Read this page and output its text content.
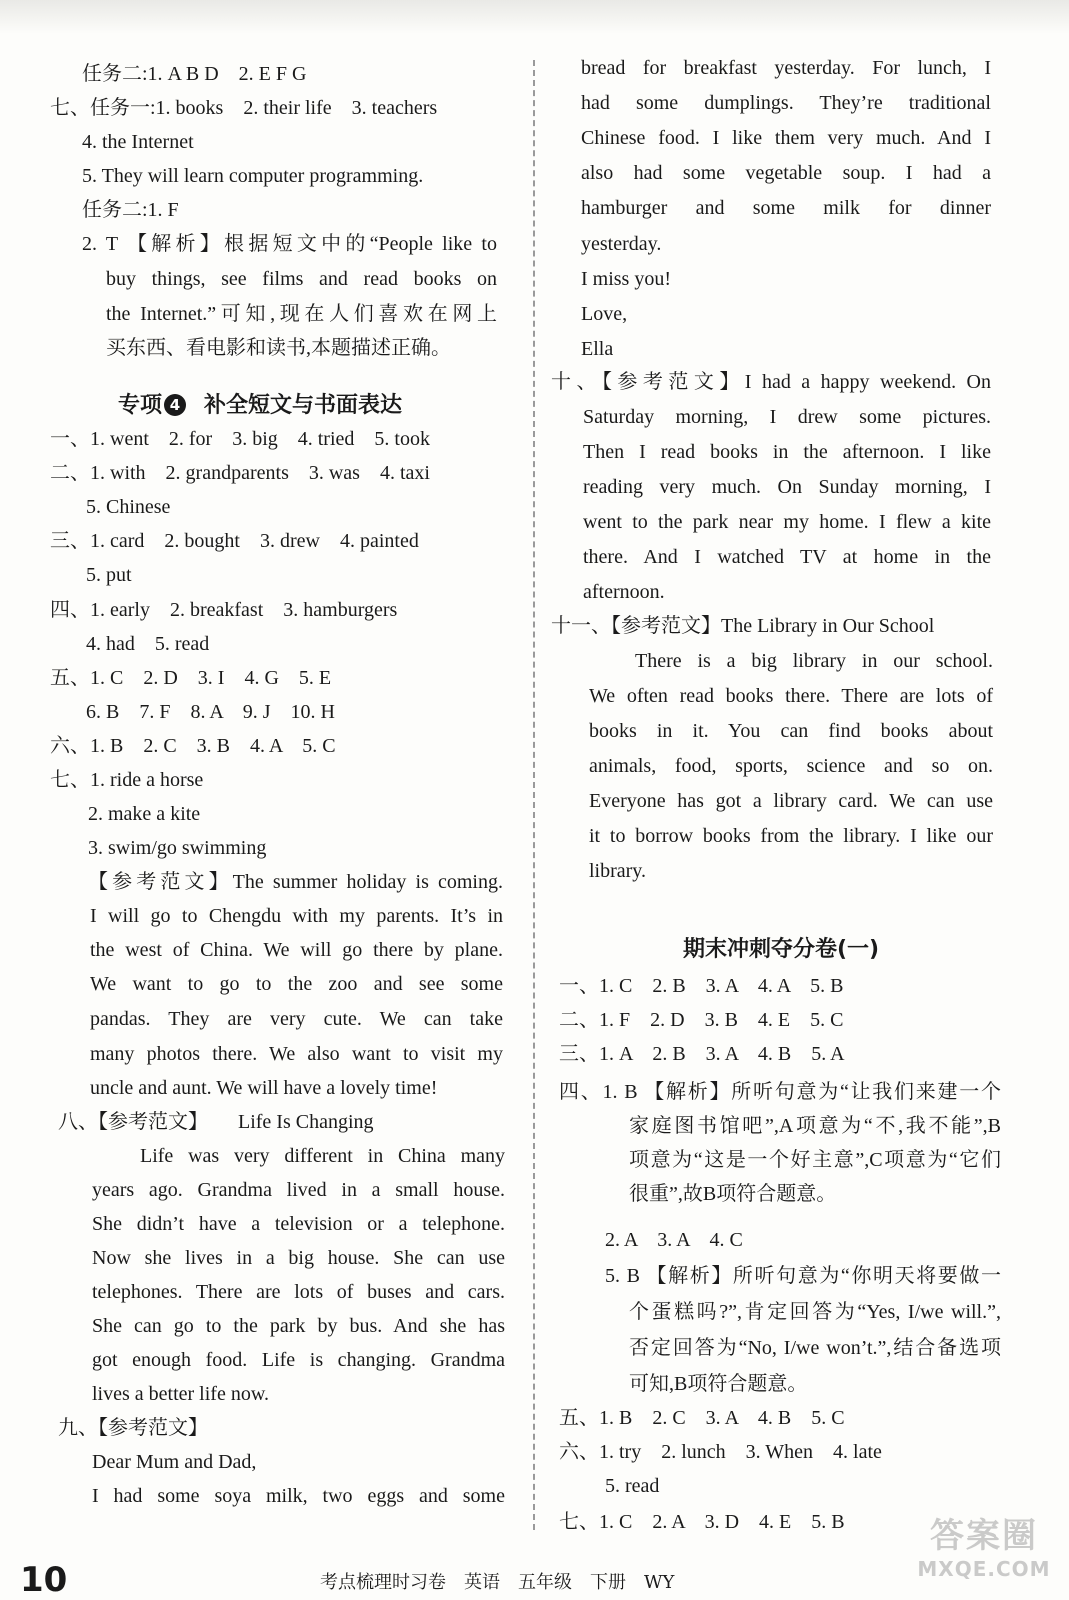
任务二:1. A B D　2. E F G
七、任务一:1. books　2. their life　3. teachers
4. the Internet
5. They will learn computer programming.
任务二:1. F
2. T 【解析】根据短文中的“People like to
buy things, see films and read books on
the Internet.”可知,现在人们喜欢在网上
买东西、看电影和读书,本题描述正确。
专项 4 补全短文与书面表达
一、1. went　2. for　3. big　4. tried　5. took
二、1. with　2. grandparents　3. was　4. taxi
5. Chinese
三、1. card　2. bought　3. drew　4. painted
5. put
四、1. early　2. breakfast　3. hamburgers
4. had　5. read
五、1. C　2. D　3. I　4. G　5. E
6. B　7. F　8. A　9. J　10. H
六、1. B　2. C　3. B　4. A　5. C
七、1. ride a horse
2. make a kite
3. swim/go swimming
【参考范文】The summer holiday is coming.
I will go to Chengdu with my parents. It’s in
the west of China. We will go there by plane.
We want to go to the zoo and see some
pandas. They are very cute. We can take
many photos there. We also want to visit my
uncle and aunt. We will have a lovely time!
八、【参考范文】　　Life Is Changing
Life was very different in China many
years ago. Grandma lived in a small house.
She didn’t have a television or a telephone.
Now she lives in a big house. She can use
telephones. There are lots of buses and cars.
She can go to the park by bus. And she has
got enough food. Life is changing. Grandma
lives a better life now.
九、【参考范文】
Dear Mum and Dad,
I had some soya milk, two eggs and some
bread for breakfast yesterday. For lunch, I
had some dumplings. They’re traditional
Chinese food. I like them very much. And I
also had some vegetable soup. I had a
hamburger and some milk for dinner
yesterday.
I miss you!
Love,
Ella
十、【参考范文】I had a happy weekend. On
Saturday morning, I drew some pictures.
Then I read books in the afternoon. I like
reading very much. On Sunday morning, I
went to the park near my home. I flew a kite
there. And I watched TV at home in the
afternoon.
十一、【参考范文】The Library in Our School
There is a big library in our school.
We often read books there. There are lots of
books in it. You can find books about
animals, food, sports, science and so on.
Everyone has got a library card. We can use
it to borrow books from the library. I like our
library.
期末冲刺夺分卷(一)
一、1. C　2. B　3. A　4. A　5. B
二、1. F　2. D　3. B　4. E　5. C
三、1. A　2. B　3. A　4. B　5. A
四、1. B 【解析】所听句意为“让我们来建一个
家庭图书馆吧”,A项意为“不,我不能”,B
项意为“这是一个好主意”,C项意为“它们
很重”,故B项符合题意。
2. A　3. A　4. C
5. B 【解析】所听句意为“你明天将要做一
个蛋糕吗?”,肯定回答为“Yes, I/we will.”,
否定回答为“No, I/we won’t.”,结合备选项
可知,B项符合题意。
五、1. B　2. C　3. A　4. B　5. C
六、1. try　2. lunch　3. When　4. late
5. read
七、1. C　2. A　3. D　4. E　5. B	答案圈
MXQE.COM
10	考点梳理时习卷 英语 五年级 下册 WY
